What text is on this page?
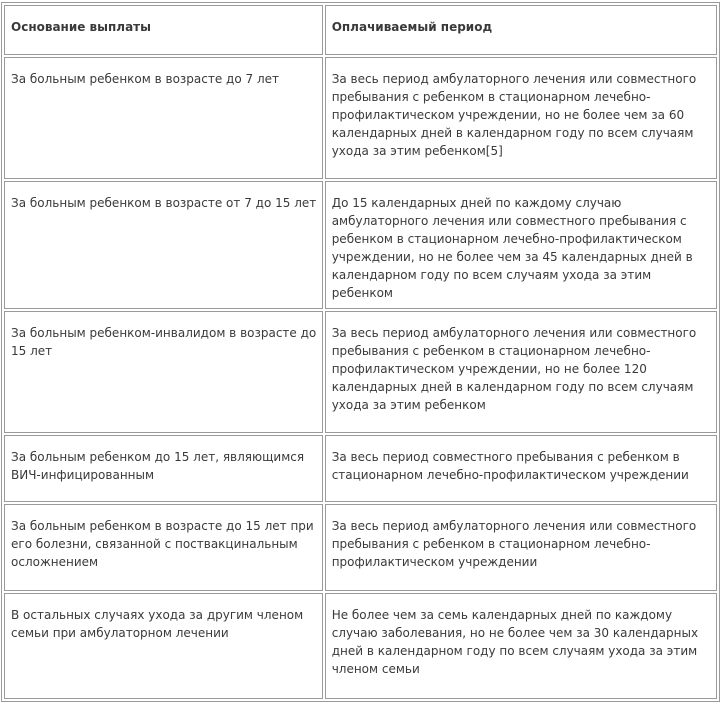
Основание выплаты	Оплачиваемый период
За больным ребенком в возрасте до 7 лет	За весь период амбулаторного лечения или совместного пребывания с ребенком в стационарном лечебно-профилактическом учреждении, но не более чем за 60 календарных дней в календарном году по всем случаям ухода за этим ребенком[5]
За больным ребенком в возрасте от 7 до 15 лет	До 15 календарных дней по каждому случаю амбулаторного лечения или совместного пребывания с ребенком в стационарном лечебно-профилактическом учреждении, но не более чем за 45 календарных дней в календарном году по всем случаям ухода за этим ребенком
За больным ребенком-инвалидом в возрасте до 15 лет	За весь период амбулаторного лечения или совместного пребывания с ребенком в стационарном лечебно-профилактическом учреждении, но не более 120 календарных дней в календарном году по всем случаям ухода за этим ребенком
За больным ребенком до 15 лет, являющимся ВИЧ-инфицированным	За весь период совместного пребывания с ребенком в стационарном лечебно-профилактическом учреждении
За больным ребенком в возрасте до 15 лет при его болезни, связанной с поствакцинальным осложнением	За весь период амбулаторного лечения или совместного пребывания с ребенком в стационарном лечебно-профилактическом учреждении
В остальных случаях ухода за другим членом семьи при амбулаторном лечении	Не более чем за семь календарных дней по каждому случаю заболевания, но не более чем за 30 календарных дней в календарном году по всем случаям ухода за этим членом семьи
